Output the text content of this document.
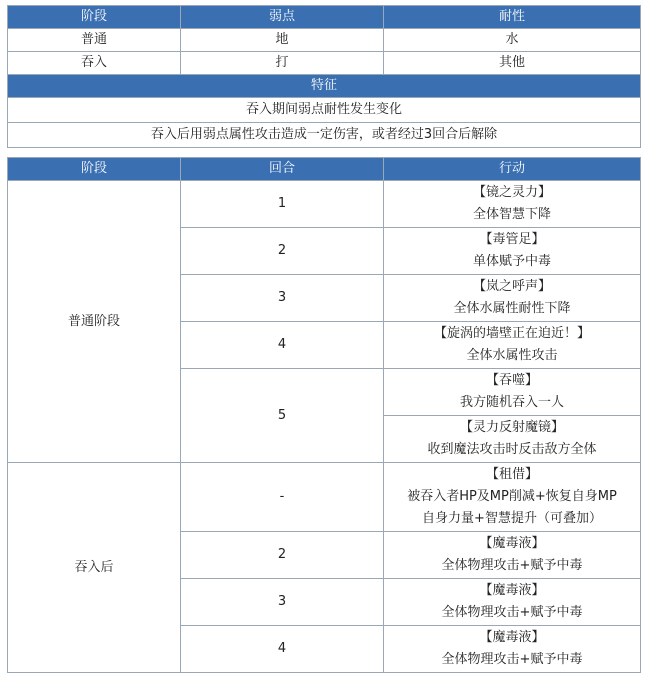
阶段	弱点	耐性
普通	地	水
吞入	打	其他
特征		
吞入期间弱点耐性发生变化		
吞入后用弱点属性攻击造成一定伤害，或者经过3回合后解除		
阶段	回合	行动
普通阶段	1	【镜之灵力】
全体智慧下降

	2	【毒管足】
单体赋予中毒

	3	【岚之呼声】
全体水属性耐性下降

	4	【旋涡的墙壁正在迫近！】
全体水属性攻击

	5	【吞噬】
我方随机吞入一人

		【灵力反射魔镜】
收到魔法攻击时反击敌方全体

吞入后	-	【租借】
被吞入者HP及MP削减+恢复自身MP
自身力量+智慧提升（可叠加）

	2	【魔毒液】
全体物理攻击+赋予中毒

	3	【魔毒液】
全体物理攻击+赋予中毒

	4	【魔毒液】
全体物理攻击+赋予中毒
